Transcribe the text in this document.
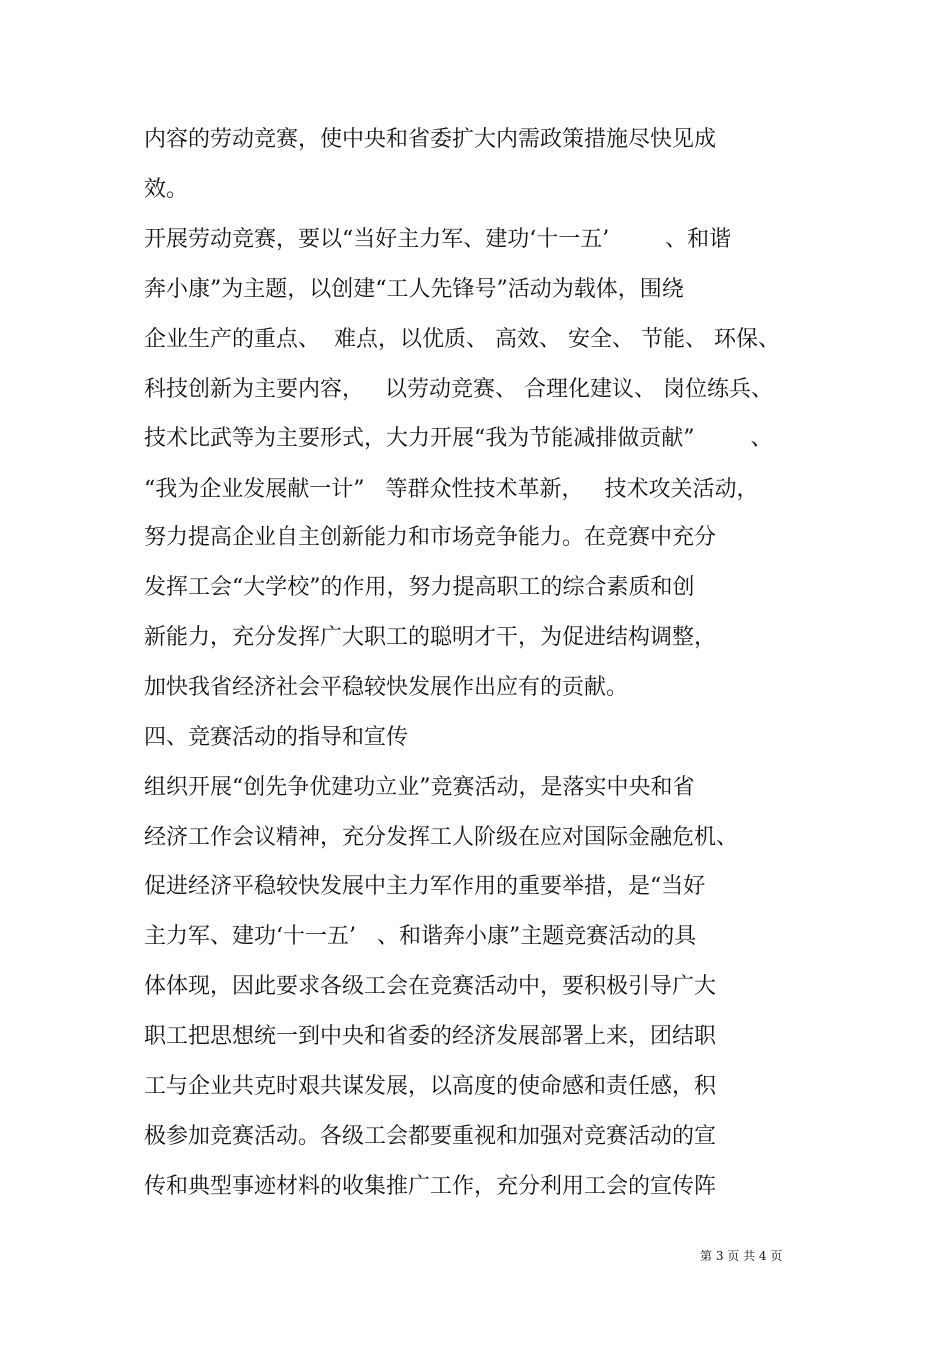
内容的劳动竞赛，使中央和省委扩大内需政策措施尽快见成
效。
开展劳动竞赛，要以“当好主力军、建功‘十一五’        、和谐
奔小康”为主题，以创建“工人先锋号”活动为载体，围绕
企业生产的重点、  难点，以优质、 高效、 安全、 节能、 环保、
科技创新为主要内容，   以劳动竞赛、 合理化建议、 岗位练兵、
技术比武等为主要形式，大力开展“我为节能减排做贡献”        、
“我为企业发展献一计”   等群众性技术革新，   技术攻关活动，
努力提高企业自主创新能力和市场竞争能力。在竞赛中充分
发挥工会“大学校”的作用，努力提高职工的综合素质和创
新能力，充分发挥广大职工的聪明才干，为促进结构调整，
加快我省经济社会平稳较快发展作出应有的贡献。
四、竞赛活动的指导和宣传
组织开展“创先争优建功立业”竞赛活动，是落实中央和省
经济工作会议精神，充分发挥工人阶级在应对国际金融危机、
促进经济平稳较快发展中主力军作用的重要举措，是“当好
主力军、建功‘十一五’   、和谐奔小康”主题竞赛活动的具
体体现，因此要求各级工会在竞赛活动中，要积极引导广大
职工把思想统一到中央和省委的经济发展部署上来，团结职
工与企业共克时艰共谋发展，以高度的使命感和责任感，积
极参加竞赛活动。各级工会都要重视和加强对竞赛活动的宣
传和典型事迹材料的收集推广工作，充分利用工会的宣传阵
第 3 页 共 4 页
